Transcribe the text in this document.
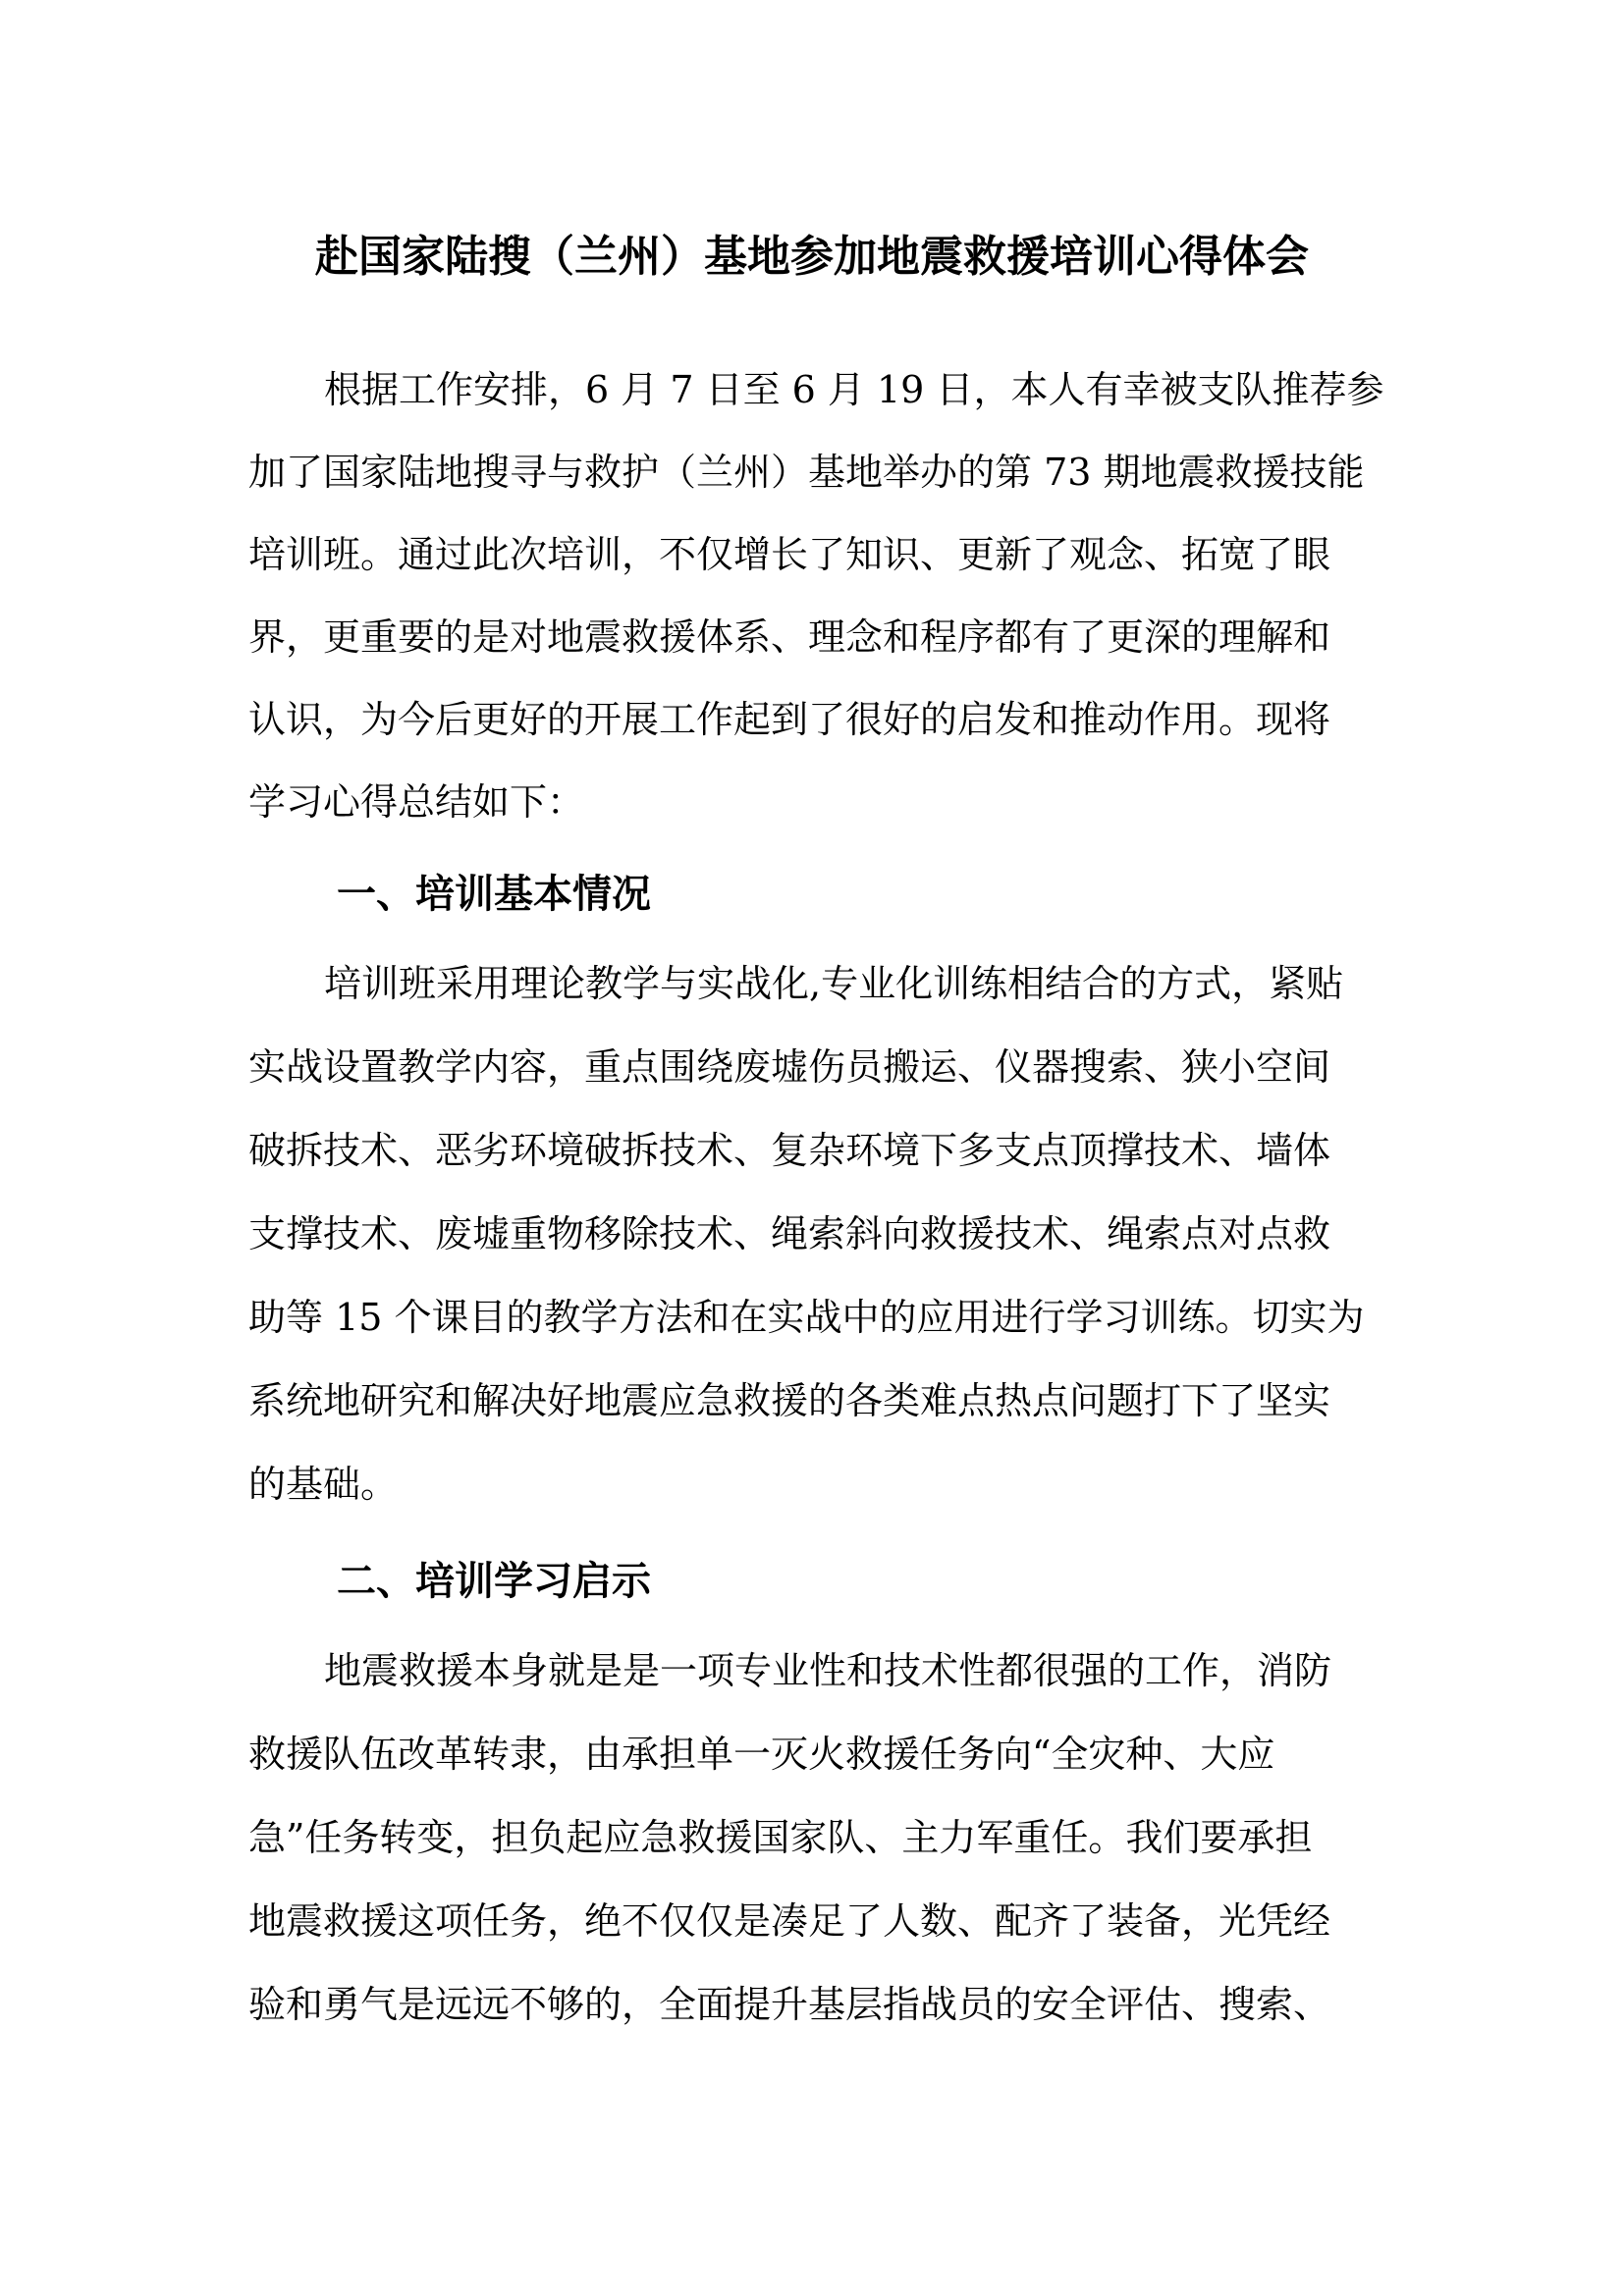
赴国家陆搜（兰州）基地参加地震救援培训心得体会

根据工作安排，6 月 7 日至 6 月 19 日，本人有幸被支队推荐参

加了国家陆地搜寻与救护（兰州）基地举办的第 73 期地震救援技能

培训班。通过此次培训，不仅增长了知识、更新了观念、拓宽了眼

界，更重要的是对地震救援体系、理念和程序都有了更深的理解和

认识，为今后更好的开展工作起到了很好的启发和推动作用。现将

学习心得总结如下：

一、培训基本情况

培训班采用理论教学与实战化,专业化训练相结合的方式，紧贴

实战设置教学内容，重点围绕废墟伤员搬运、仪器搜索、狭小空间

破拆技术、恶劣环境破拆技术、复杂环境下多支点顶撑技术、墙体

支撑技术、废墟重物移除技术、绳索斜向救援技术、绳索点对点救

助等 15 个课目的教学方法和在实战中的应用进行学习训练。切实为

系统地研究和解决好地震应急救援的各类难点热点问题打下了坚实

的基础。

二、培训学习启示

地震救援本身就是是一项专业性和技术性都很强的工作，消防

救援队伍改革转隶，由承担单一灭火救援任务向“全灾种、大应

急”任务转变，担负起应急救援国家队、主力军重任。我们要承担

地震救援这项任务，绝不仅仅是凑足了人数、配齐了装备，光凭经

验和勇气是远远不够的，全面提升基层指战员的安全评估、搜索、
